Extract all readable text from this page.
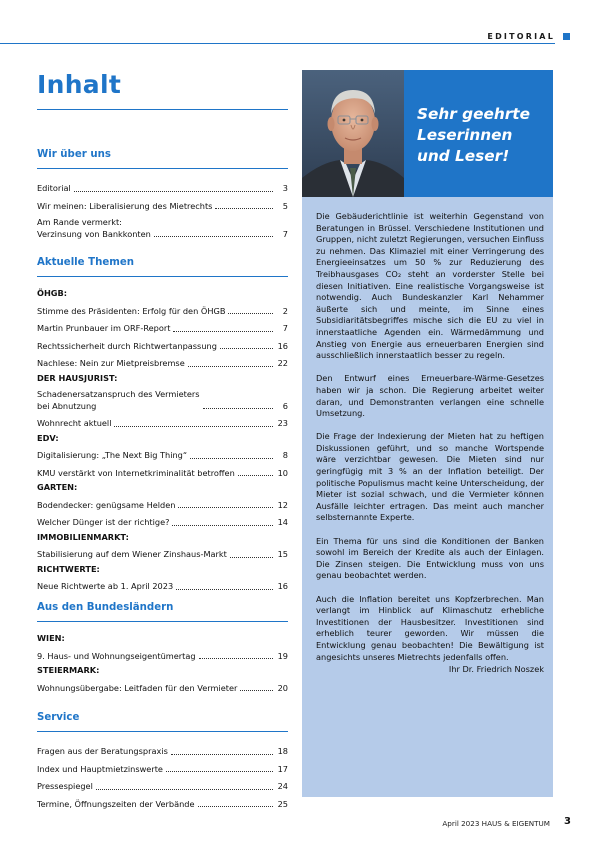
EDITORIAL
Inhalt
Wir über uns
Editorial	3
Wir meinen: Liberalisierung des Mietrechts	5
Am Rande vermerkt:
Verzinsung von Bankkonten	7
Aktuelle Themen
ÖHGB:
Stimme des Präsidenten: Erfolg für den ÖHGB	2
Martin Prunbauer im ORF-Report	7
Rechtssicherheit durch Richtwertanpassung	16
Nachlese: Nein zur Mietpreisbremse	22
DER HAUSJURIST:
Schadenersatzanspruch des Vermieters
bei Abnutzung	6
Wohnrecht aktuell	23
EDV:
Digitalisierung: „The Next Big Thing“	8
KMU verstärkt von Internetkriminalität betroffen	10
GARTEN:
Bodendecker: genügsame Helden	12
Welcher Dünger ist der richtige?	14
IMMOBILIENMARKT:
Stabilisierung auf dem Wiener Zinshaus-Markt	15
RICHTWERTE:
Neue Richtwerte ab 1. April 2023	16
Aus den Bundesländern
WIEN:
9. Haus- und Wohnungseigentümertag	19
STEIERMARK:
Wohnungsübergabe: Leitfaden für den Vermieter	20
Service
Fragen aus der Beratungspraxis	18
Index und Hauptmietzinswerte	17
Pressespiegel	24
Termine, Öffnungszeiten der Verbände	25
Sehr geehrte
Leserinnen
und Leser!

Die Gebäuderichtlinie ist weiterhin Gegenstand von Beratungen in Brüssel. Verschiedene Institutionen und Gruppen, nicht zuletzt Regierungen, versuchen Einfluss zu nehmen. Das Klimaziel mit einer Verringerung des Energieeinsatzes um 50 % zur Reduzierung des Treibhausgases CO₂ steht an vorderster Stelle bei diesen Initiativen. Eine realistische Vorgangsweise ist notwendig. Auch Bundeskanzler Karl Nehammer äußerte sich und meinte, im Sinne eines Subsidiaritätsbegriffes mische sich die EU zu viel in innerstaatliche Agenden ein. Wärmedämmung und Anstieg von Energie aus erneuerbaren Energien sind ausschließlich innerstaatlich besser zu regeln.

Den Entwurf eines Erneuerbare-Wärme-Gesetzes haben wir ja schon. Die Regierung arbeitet weiter daran, und Demonstranten verlangen eine schnelle Umsetzung.

Die Frage der Indexierung der Mieten hat zu heftigen Diskussionen geführt, und so manche Wortspende wäre verzichtbar gewesen. Die Mieten sind nur geringfügig mit 3 % an der Inflation beteiligt. Der politische Populismus macht keine Unterscheidung, der Mieter ist sozial schwach, und die Vermieter können Ausfälle leichter ertragen. Das meint auch mancher selbsternannte Experte.

Ein Thema für uns sind die Konditionen der Banken sowohl im Bereich der Kredite als auch der Einlagen. Die Zinsen steigen. Die Entwicklung muss von uns genau beobachtet werden.

Auch die Inflation bereitet uns Kopfzerbrechen. Man verlangt im Hinblick auf Klimaschutz erhebliche Investitionen der Hausbesitzer. Investitionen sind erheblich teurer geworden. Wir müssen die Entwicklung genau beobachten! Die Bewältigung ist angesichts unseres Mietrechts jedenfalls offen.

Ihr Dr. Friedrich Noszek
April 2023 HAUS & EIGENTUM 3
